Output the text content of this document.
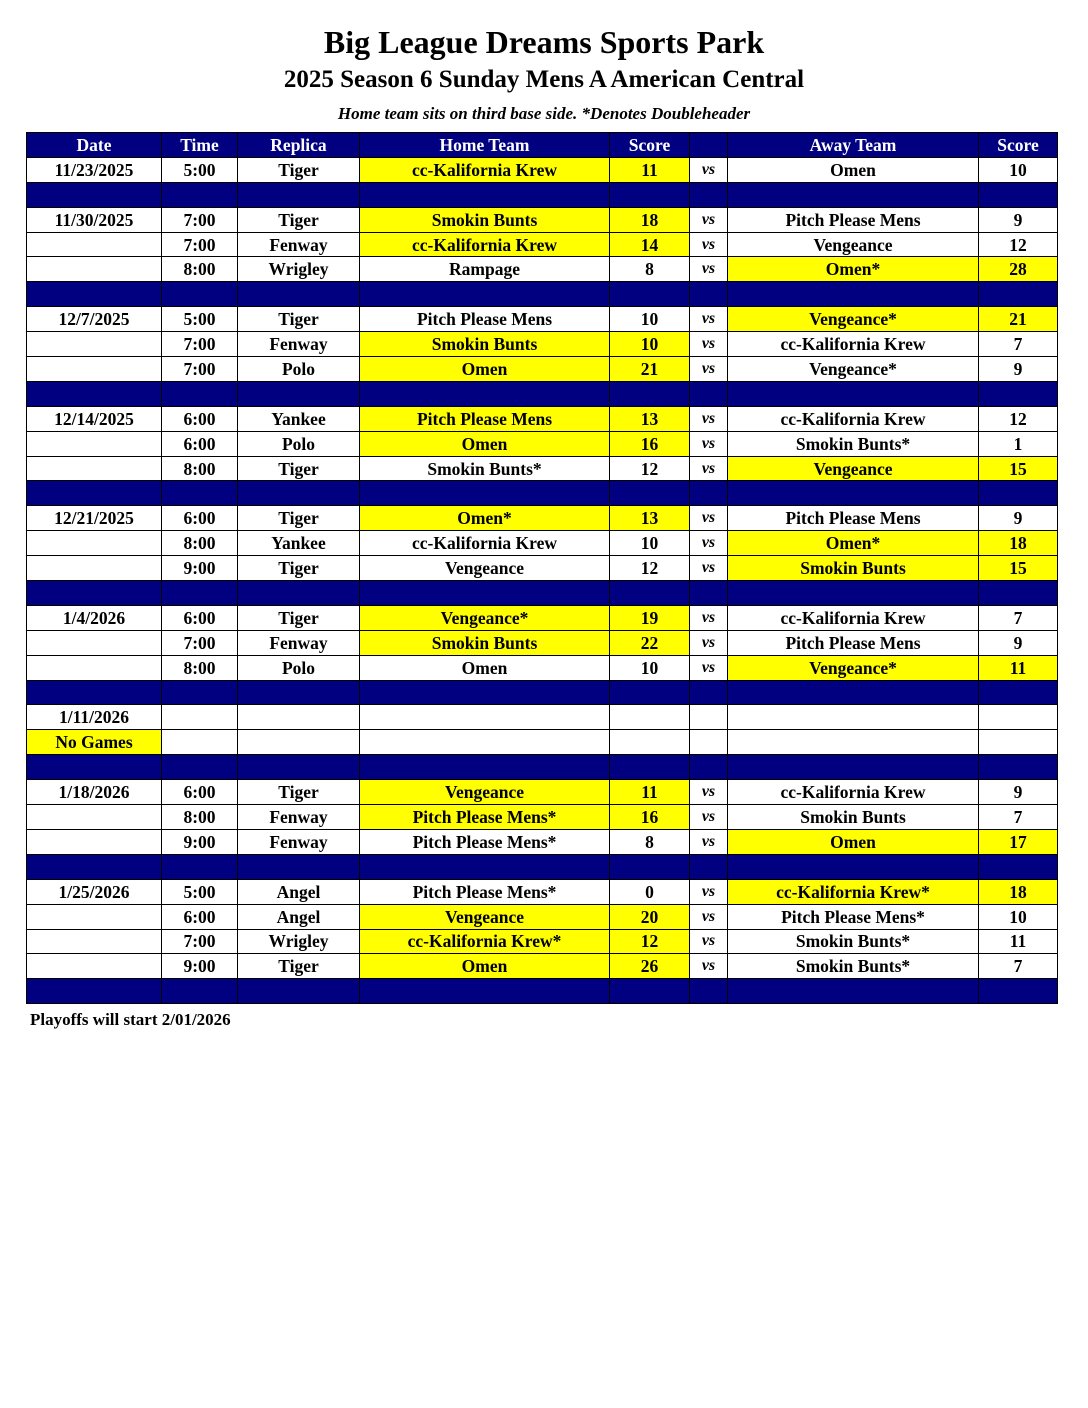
Big League Dreams Sports Park
2025 Season 6 Sunday Mens A American Central
Home team sits on third base side. *Denotes Doubleheader
Date	Time	Replica	Home Team	Score		Away Team	Score
11/23/2025	5:00	Tiger	cc-Kalifornia Krew	11	vs	Omen	10

11/30/2025	7:00	Tiger	Smokin Bunts	18	vs	Pitch Please Mens	9
	7:00	Fenway	cc-Kalifornia Krew	14	vs	Vengeance	12
	8:00	Wrigley	Rampage	8	vs	Omen*	28

12/7/2025	5:00	Tiger	Pitch Please Mens	10	vs	Vengeance*	21
	7:00	Fenway	Smokin Bunts	10	vs	cc-Kalifornia Krew	7
	7:00	Polo	Omen	21	vs	Vengeance*	9

12/14/2025	6:00	Yankee	Pitch Please Mens	13	vs	cc-Kalifornia Krew	12
	6:00	Polo	Omen	16	vs	Smokin Bunts*	1
	8:00	Tiger	Smokin Bunts*	12	vs	Vengeance	15

12/21/2025	6:00	Tiger	Omen*	13	vs	Pitch Please Mens	9
	8:00	Yankee	cc-Kalifornia Krew	10	vs	Omen*	18
	9:00	Tiger	Vengeance	12	vs	Smokin Bunts	15

1/4/2026	6:00	Tiger	Vengeance*	19	vs	cc-Kalifornia Krew	7
	7:00	Fenway	Smokin Bunts	22	vs	Pitch Please Mens	9
	8:00	Polo	Omen	10	vs	Vengeance*	11

1/11/2026							
No Games							

1/18/2026	6:00	Tiger	Vengeance	11	vs	cc-Kalifornia Krew	9
	8:00	Fenway	Pitch Please Mens*	16	vs	Smokin Bunts	7
	9:00	Fenway	Pitch Please Mens*	8	vs	Omen	17

1/25/2026	5:00	Angel	Pitch Please Mens*	0	vs	cc-Kalifornia Krew*	18
	6:00	Angel	Vengeance	20	vs	Pitch Please Mens*	10
	7:00	Wrigley	cc-Kalifornia Krew*	12	vs	Smokin Bunts*	11
	9:00	Tiger	Omen	26	vs	Smokin Bunts*	7

Playoffs will start 2/01/2026
